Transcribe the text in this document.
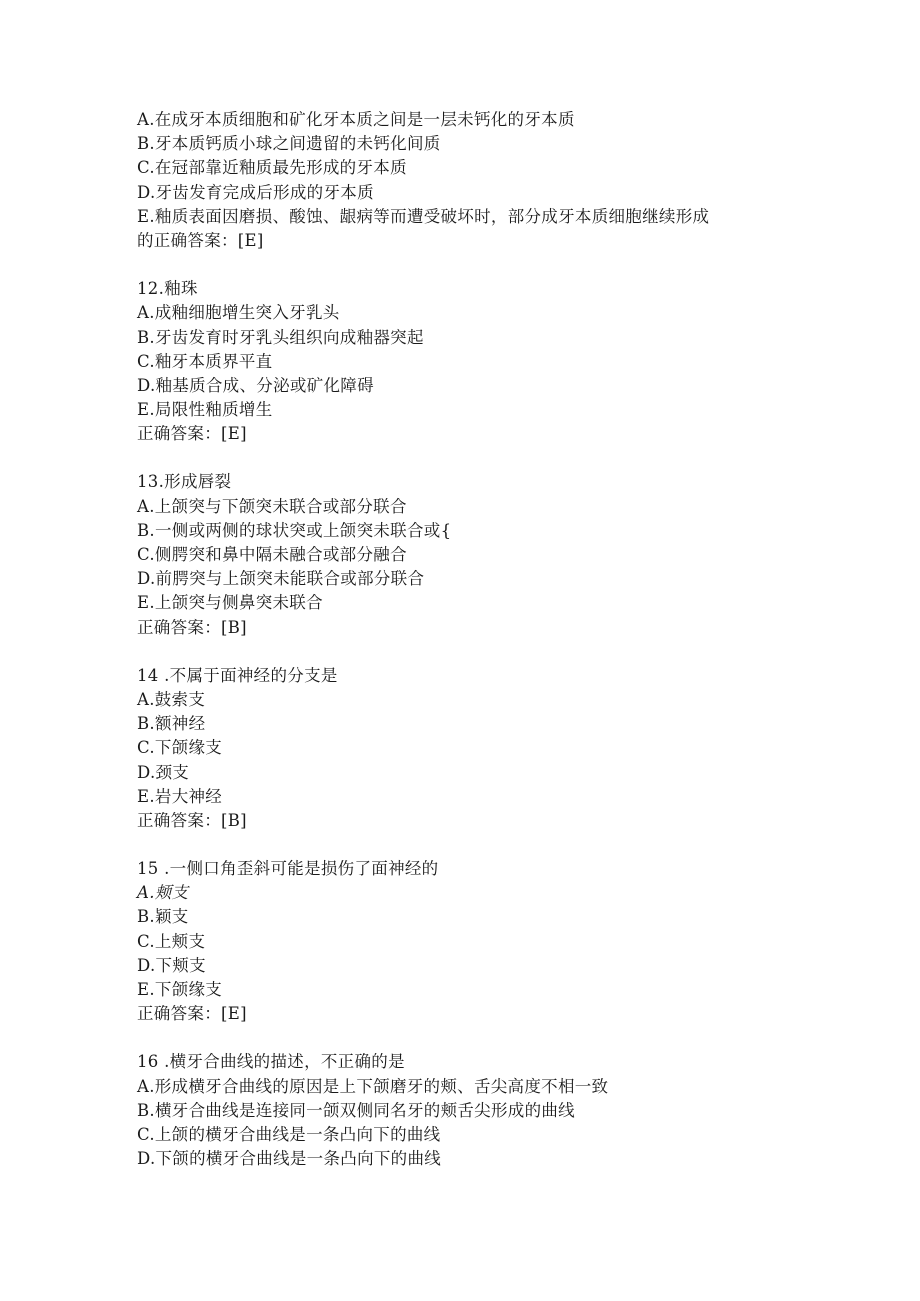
A.在成牙本质细胞和矿化牙本质之间是一层未钙化的牙本质
B.牙本质钙质小球之间遗留的未钙化间质
C.在冠部靠近釉质最先形成的牙本质
D.牙齿发育完成后形成的牙本质
E.釉质表面因磨损、酸蚀、龈病等而遭受破坏时，部分成牙本质细胞继续形成
的正确答案：[E]
12.釉珠
A.成釉细胞增生突入牙乳头
B.牙齿发育时牙乳头组织向成釉器突起
C.釉牙本质界平直
D.釉基质合成、分泌或矿化障碍
E.局限性釉质增生
正确答案：[E]
13.形成唇裂
A.上颌突与下颌突未联合或部分联合
B.一侧或两侧的球状突或上颌突未联合或{
C.侧腭突和鼻中隔未融合或部分融合
D.前腭突与上颌突未能联合或部分联合
E.上颌突与侧鼻突未联合
正确答案：[B]
14 .不属于面神经的分支是
A.鼓索支
B.额神经
C.下颌缘支
D.颈支
E.岩大神经
正确答案：[B]
15 .一侧口角歪斜可能是损伤了面神经的
A.颊支
B.颖支
C.上颊支
D.下颊支
E.下颌缘支
正确答案：[E]
16 .横牙合曲线的描述，不正确的是
A.形成横牙合曲线的原因是上下颌磨牙的颊、舌尖高度不相一致
B.横牙合曲线是连接同一颌双侧同名牙的颊舌尖形成的曲线
C.上颌的横牙合曲线是一条凸向下的曲线
D.下颌的横牙合曲线是一条凸向下的曲线
